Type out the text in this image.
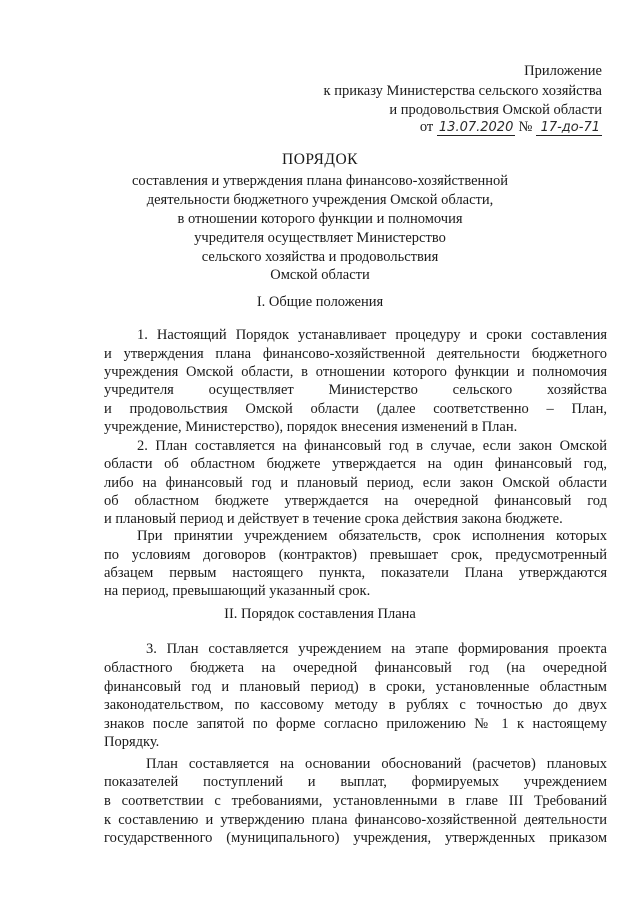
Приложение
к приказу Министерства сельского хозяйства
и продовольствия Омской области
от 13.07.2020 № 17-до-71
ПОРЯДОК
составления и утверждения плана финансово-хозяйственной
деятельности бюджетного учреждения Омской области,
в отношении которого функции и полномочия
учредителя осуществляет Министерство
сельского хозяйства и продовольствия
Омской области
I. Общие положения
1. Настоящий Порядок устанавливает процедуру и сроки составления
и утверждения плана финансово-хозяйственной деятельности бюджетного
учреждения Омской области, в отношении которого функции и полномочия
учредителя осуществляет Министерство сельского хозяйства
и продовольствия Омской области (далее соответственно – План,
учреждение, Министерство), порядок внесения изменений в План.
2. План составляется на финансовый год в случае, если закон Омской
области об областном бюджете утверждается на один финансовый год,
либо на финансовый год и плановый период, если закон Омской области
об областном бюджете утверждается на очередной финансовый год
и плановый период и действует в течение срока действия закона бюджете.
При принятии учреждением обязательств, срок исполнения которых
по условиям договоров (контрактов) превышает срок, предусмотренный
абзацем первым настоящего пункта, показатели Плана утверждаются
на период, превышающий указанный срок.
II. Порядок составления Плана
3. План составляется учреждением на этапе формирования проекта
областного бюджета на очередной финансовый год (на очередной
финансовый год и плановый период) в сроки, установленные областным
законодательством, по кассовому методу в рублях с точностью до двух
знаков после запятой по форме согласно приложению № 1 к настоящему
Порядку.
План составляется на основании обоснований (расчетов) плановых
показателей поступлений и выплат, формируемых учреждением
в соответствии с требованиями, установленными в главе III Требований
к составлению и утверждению плана финансово-хозяйственной деятельности
государственного (муниципального) учреждения, утвержденных приказом
